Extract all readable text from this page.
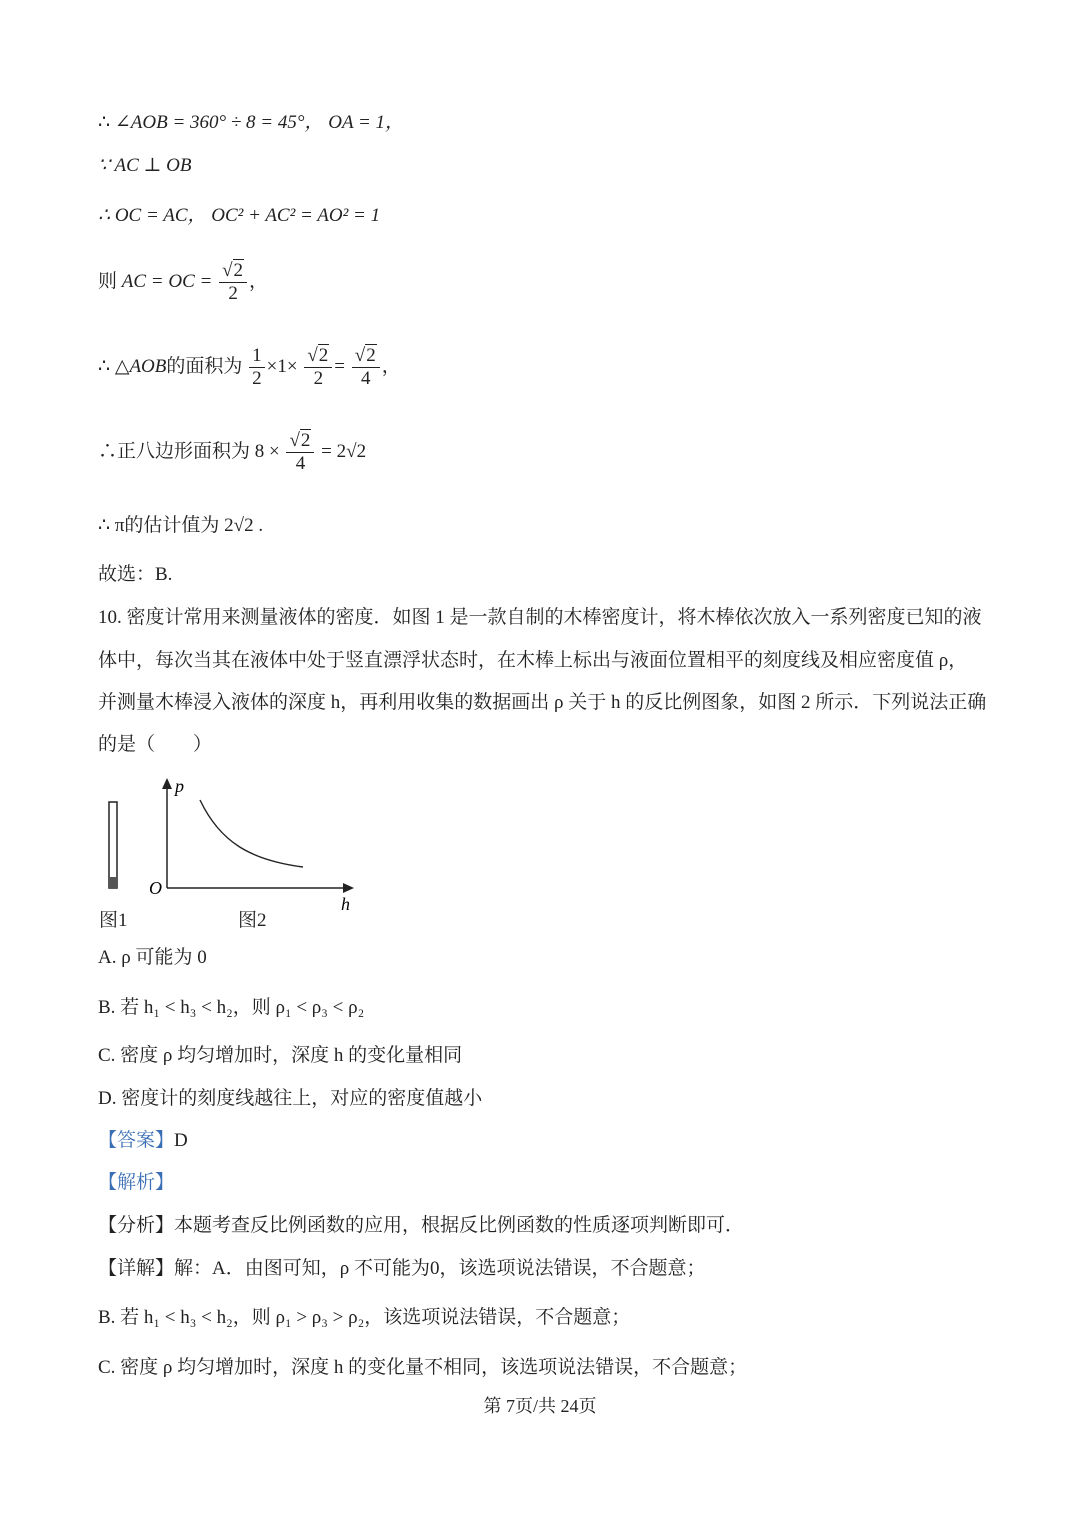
∴ ∠AOB = 360° ÷ 8 = 45°， OA = 1，
∵ AC ⊥ OB
∴ OC = AC， OC² + AC² = AO² = 1
则 AC = OC = $\frac{√2}{2}$ ，
∴ △AOB的面积为 $\frac{1}{2} \times 1\times \frac{√2}{2} = \frac{√2}{4}$ ，
∴正八边形面积为 $8 \times \frac{√2}{4} = 2√2$
∴ π的估计值为 2√2 .
故选：B.
10. 密度计常用来测量液体的密度．如图 1 是一款自制的木棒密度计，将木棒依次放入一系列密度已知的液
体中，每次当其在液体中处于竖直漂浮状态时，在木棒上标出与液面位置相平的刻度线及相应密度值 ρ，
并测量木棒浸入液体的深度 h，再利用收集的数据画出 ρ 关于 h 的反比例图象，如图 2 所示．下列说法正确
的是（　　）
p
O
h
图1	图2
A. ρ 可能为 0
B. 若 h₁ < h₃ < h₂，则 ρ₁ < ρ₃ < ρ₂
C. 密度 ρ 均匀增加时，深度 h 的变化量相同
D. 密度计的刻度线越往上，对应的密度值越小
【答案】D
【解析】
【分析】本题考查反比例函数的应用，根据反比例函数的性质逐项判断即可．
【详解】解：A．由图可知，ρ 不可能为0，该选项说法错误，不合题意；
B. 若 h₁ < h₃ < h₂，则 ρ₁ > ρ₃ > ρ₂，该选项说法错误，不合题意；
C. 密度 ρ 均匀增加时，深度 h 的变化量不相同，该选项说法错误，不合题意；
第 7页/共 24页
